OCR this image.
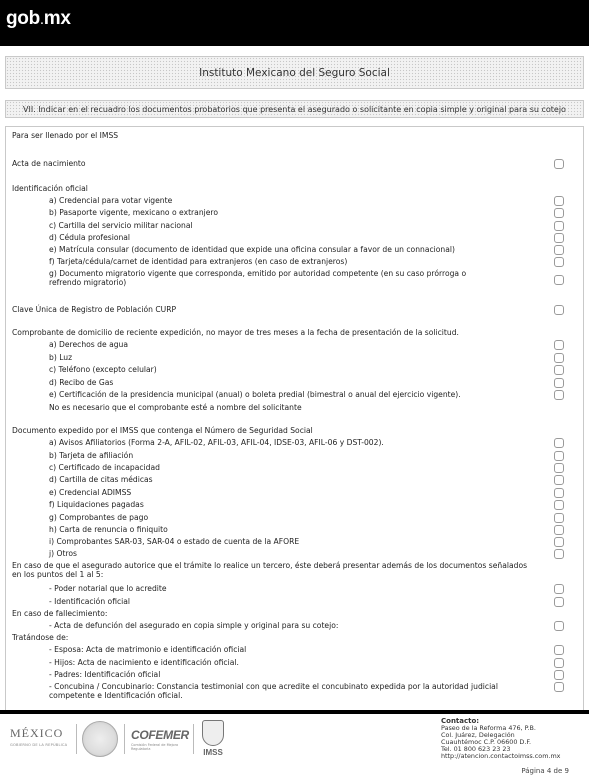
gob.mx
Instituto Mexicano del Seguro Social
VII. Indicar en el recuadro los documentos probatorios que presenta el asegurado o solicitante en copia simple y original para su cotejo
Para ser llenado por el IMSS
Acta de nacimiento
Identificación oficial
a) Credencial para votar vigente
b) Pasaporte vigente, mexicano o extranjero
c) Cartilla del servicio militar nacional
d) Cédula profesional
e) Matrícula consular (documento de identidad que expide una oficina consular a favor de un connacional)
f) Tarjeta/cédula/carnet de identidad para extranjeros (en caso de extranjeros)
g) Documento migratorio vigente que corresponda, emitido por autoridad competente (en su caso prórroga o refrendo migratorio)
Clave Única de Registro de Población CURP
Comprobante de domicilio de reciente expedición, no mayor de tres meses a la fecha de presentación de la solicitud.
a) Derechos de agua
b) Luz
c) Teléfono (excepto celular)
d) Recibo de Gas
e) Certificación de la presidencia municipal (anual) o boleta predial (bimestral o anual del ejercicio vigente).
No es necesario que el comprobante esté a nombre del solicitante
Documento expedido por el IMSS que contenga el Número de Seguridad Social
a) Avisos Afiliatorios (Forma 2-A, AFIL-02, AFIL-03, AFIL-04, IDSE-03, AFIL-06 y DST-002).
b) Tarjeta de afiliación
c) Certificado de incapacidad
d) Cartilla de citas médicas
e) Credencial ADIMSS
f) Liquidaciones pagadas
g) Comprobantes de pago
h) Carta de renuncia o finiquito
i) Comprobantes SAR-03, SAR-04 o estado de cuenta de la AFORE
j) Otros
En caso de que el asegurado autorice que el trámite lo realice un tercero, éste deberá presentar además de los documentos señalados en los puntos del 1 al 5:
- Poder notarial que lo acredite
- Identificación oficial
En caso de fallecimiento:
- Acta de defunción del asegurado en copia simple y original para su cotejo:
Tratándose de:
- Esposa: Acta de matrimonio e identificación oficial
- Hijos: Acta de nacimiento e identificación oficial.
- Padres: Identificación oficial
- Concubina / Concubinario: Constancia testimonial con que acredite el concubinato expedida por la autoridad judicial competente e Identificación oficial.
MÉXICO
GOBIERNO DE LA REPÚBLICA
COFEMER
Comisión Federal de Mejora Regulatoria	IMSS
Contacto:
Paseo de la Reforma 476, P.B.
Col. Juárez, Delegación
Cuauhtémoc C.P. 06600 D.F.
Tel. 01 800 623 23 23
http://atencion.contactoimss.com.mx
Página 4 de 9
